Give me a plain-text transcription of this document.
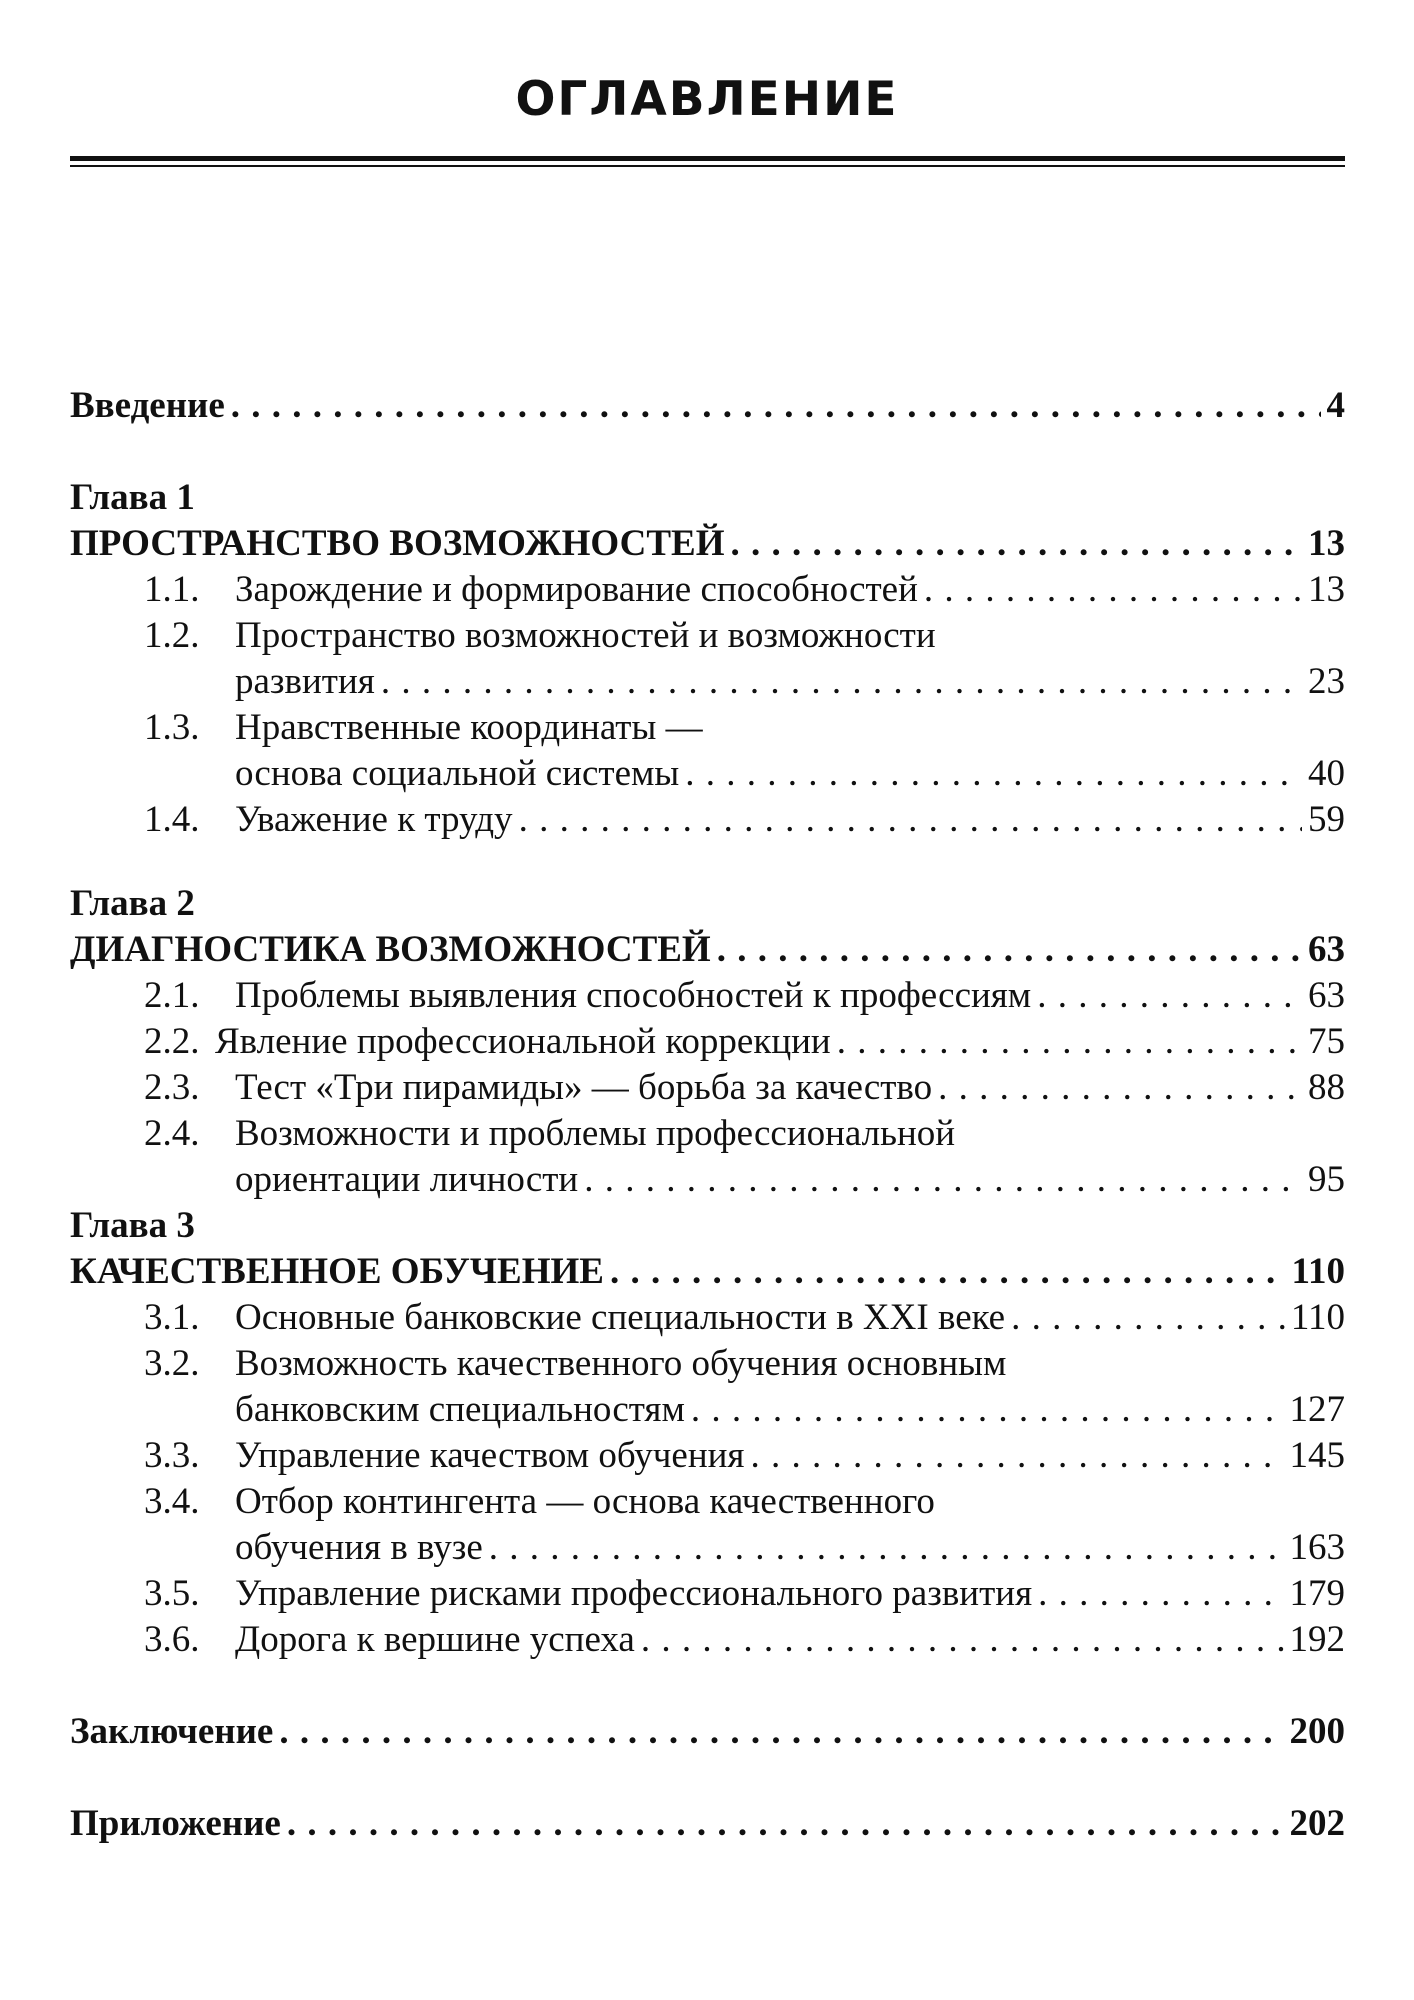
ОГЛАВЛЕНИЕ
Введение . . .	4
Глава 1
ПРОСТРАНСТВО ВОЗМОЖНОСТЕЙ . . .	13
1.1. Зарождение и формирование способностей . . .	13
1.2. Пространство возможностей и возможности
развития . . .	23
1.3. Нравственные координаты —
основа социальной системы . . .	40
1.4. Уважение к труду . . .	59
Глава 2
ДИАГНОСТИКА ВОЗМОЖНОСТЕЙ . . .	63
2.1. Проблемы выявления способностей к профессиям . . .	63
2.2. Явление профессиональной коррекции . . .	75
2.3. Тест «Три пирамиды» — борьба за качество . . .	88
2.4. Возможности и проблемы профессиональной
ориентации личности . . .	95
Глава 3
КАЧЕСТВЕННОЕ ОБУЧЕНИЕ . . .	110
3.1. Основные банковские специальности в XXI веке . . .	110
3.2. Возможность качественного обучения основным
банковским специальностям . . .	127
3.3. Управление качеством обучения . . .	145
3.4. Отбор контингента — основа качественного
обучения в вузе . . .	163
3.5. Управление рисками профессионального развития . . .	179
3.6. Дорога к вершине успеха . . .	192
Заключение . . .	200
Приложение . . .	202
